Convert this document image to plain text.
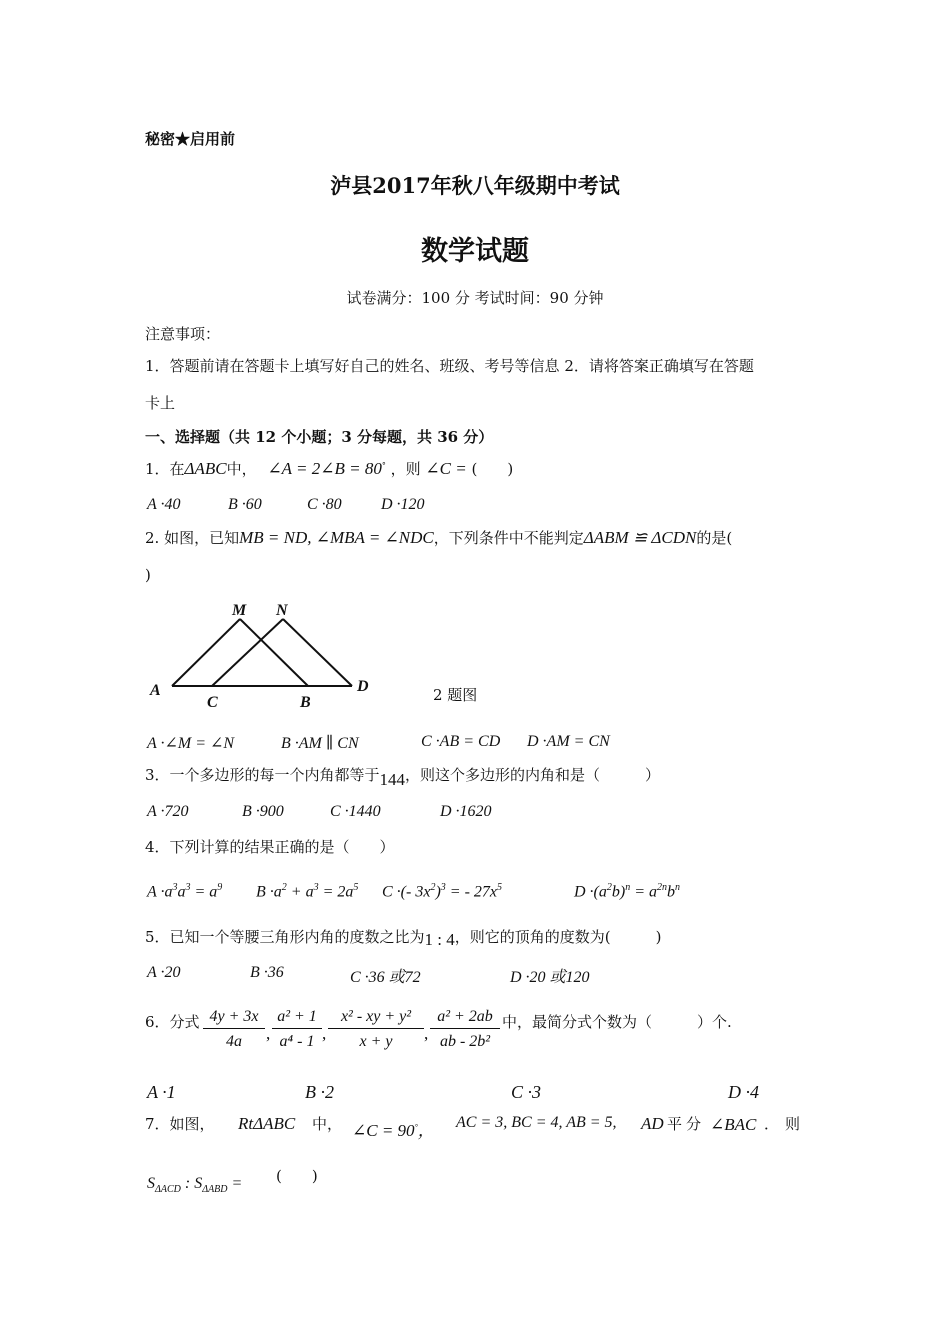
秘密★启用前
泸县2017年秋八年级期中考试
数学试题
试卷满分：100 分 考试时间：90 分钟
注意事项：
1．答题前请在答题卡上填写好自己的姓名、班级、考号等信息 2．请将答案正确填写在答题
卡上
一、选择题（共 12 个小题；3 分每题，共 36 分）
1．在ΔABC中， ∠A = 2∠B = 80° ，则 ∠C = (　　)
A ·40	B ·60	C ·80 D ·120
2. 如图，已知MB = ND, ∠MBA = ∠NDC，下列条件中不能判定ΔABM ≌ ΔCDN的是(
)
A
C	B
D
M N
2 题图
A ·∠M = ∠N	B ·AM ∥ CN	C ·AB = CD D ·AM = CN
3．一个多边形的每一个内角都等于144，则这个多边形的内角和是（　　　）
A ·720	B ·900	C ·1440	D ·1620
4．下列计算的结果正确的是（　　）
$A \cdot a^3a^3 = a^9$ $B \cdot a^2 + a^3 = 2a^5$ C ·(- $3x^2)^3$ = - $27x^5$	$D \cdot(a^2b)^n = a^{2n}b^n$
5．已知一个等腰三角形内角的度数之比为1 : 4，则它的顶角的度数为(　　　)
A ·20	B ·36	C ·36 或72	D ·20 或120
6．分式 $\frac{4y + 3x}{4a}$ , $\frac{\text{a² + 1}}{\text{a⁴ - 1}}$ , $\frac{\text{x² - xy + y²}}{x + y}$ , $\frac{\text{a² + 2ab}}{\text{ab - 2b²}}$ 中，最简分式个数为（　　　）个.
A ·1	B ·2	C ·3	D ·4
7．如图， RtΔABC 中， ∠C = 90°， AC = 3, BC = 4, AB = 5, AD 平分 ∠BAC ．则
$S_{\Delta ACD}$ : $S_{\Delta ABD}$ = (　　)
